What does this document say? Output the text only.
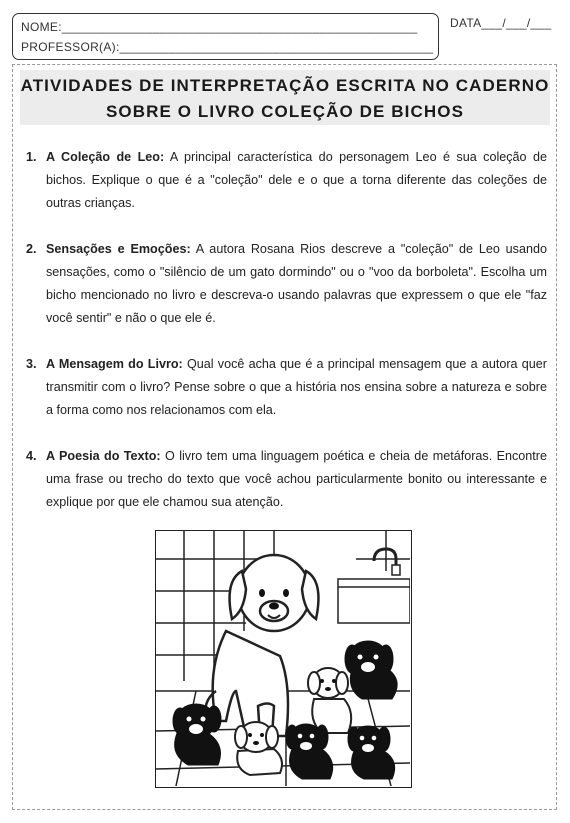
NOME:___________________________________________________
PROFESSOR(A):_____________________________________________
DATA___/___/___
ATIVIDADES DE INTERPRETAÇÃO ESCRITA NO CADERNO
SOBRE O LIVRO COLEÇÃO DE BICHOS
1. A Coleção de Leo: A principal característica do personagem Leo é sua coleção de bichos. Explique o que é a "coleção" dele e o que a torna diferente das coleções de outras crianças.
2. Sensações e Emoções: A autora Rosana Rios descreve a "coleção" de Leo usando sensações, como o "silêncio de um gato dormindo" ou o "voo da borboleta". Escolha um bicho mencionado no livro e descreva-o usando palavras que expressem o que ele "faz você sentir" e não o que ele é.
3. A Mensagem do Livro: Qual você acha que é a principal mensagem que a autora quer transmitir com o livro? Pense sobre o que a história nos ensina sobre a natureza e sobre a forma como nos relacionamos com ela.
4. A Poesia do Texto: O livro tem uma linguagem poética e cheia de metáforas. Encontre uma frase ou trecho do texto que você achou particularmente bonito ou interessante e explique por que ele chamou sua atenção.
